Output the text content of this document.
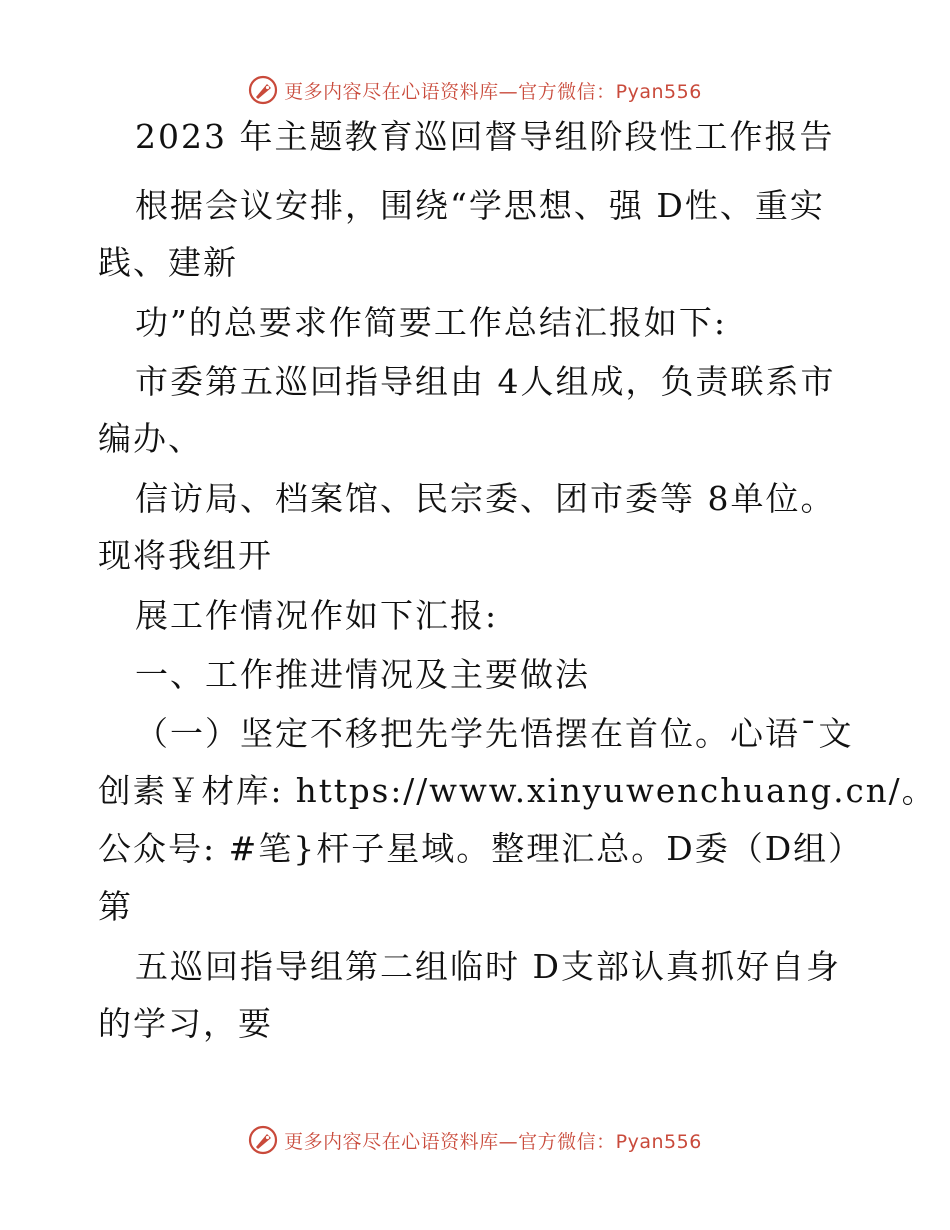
更多内容尽在心语资料库—官方微信：Pyan556
2023 年主题教育巡回督导组阶段性工作报告
根据会议安排，围绕“学思想、强 D性、重实
践、建新
功”的总要求作简要工作总结汇报如下:
市委第五巡回指导组由 4人组成，负责联系市
编办、
信访局、档案馆、民宗委、团市委等 8单位。
现将我组开
展工作情况作如下汇报:
一、工作推进情况及主要做法
（一）坚定不移把先学先悟摆在首位。心语¯文
创素￥材库: https://www.xinyuwenchuang.cn/。
公众号: #笔}杆子星域。整理汇总。D委（D组）
第
五巡回指导组第二组临时 D支部认真抓好自身
的学习，要
更多内容尽在心语资料库—官方微信：Pyan556
